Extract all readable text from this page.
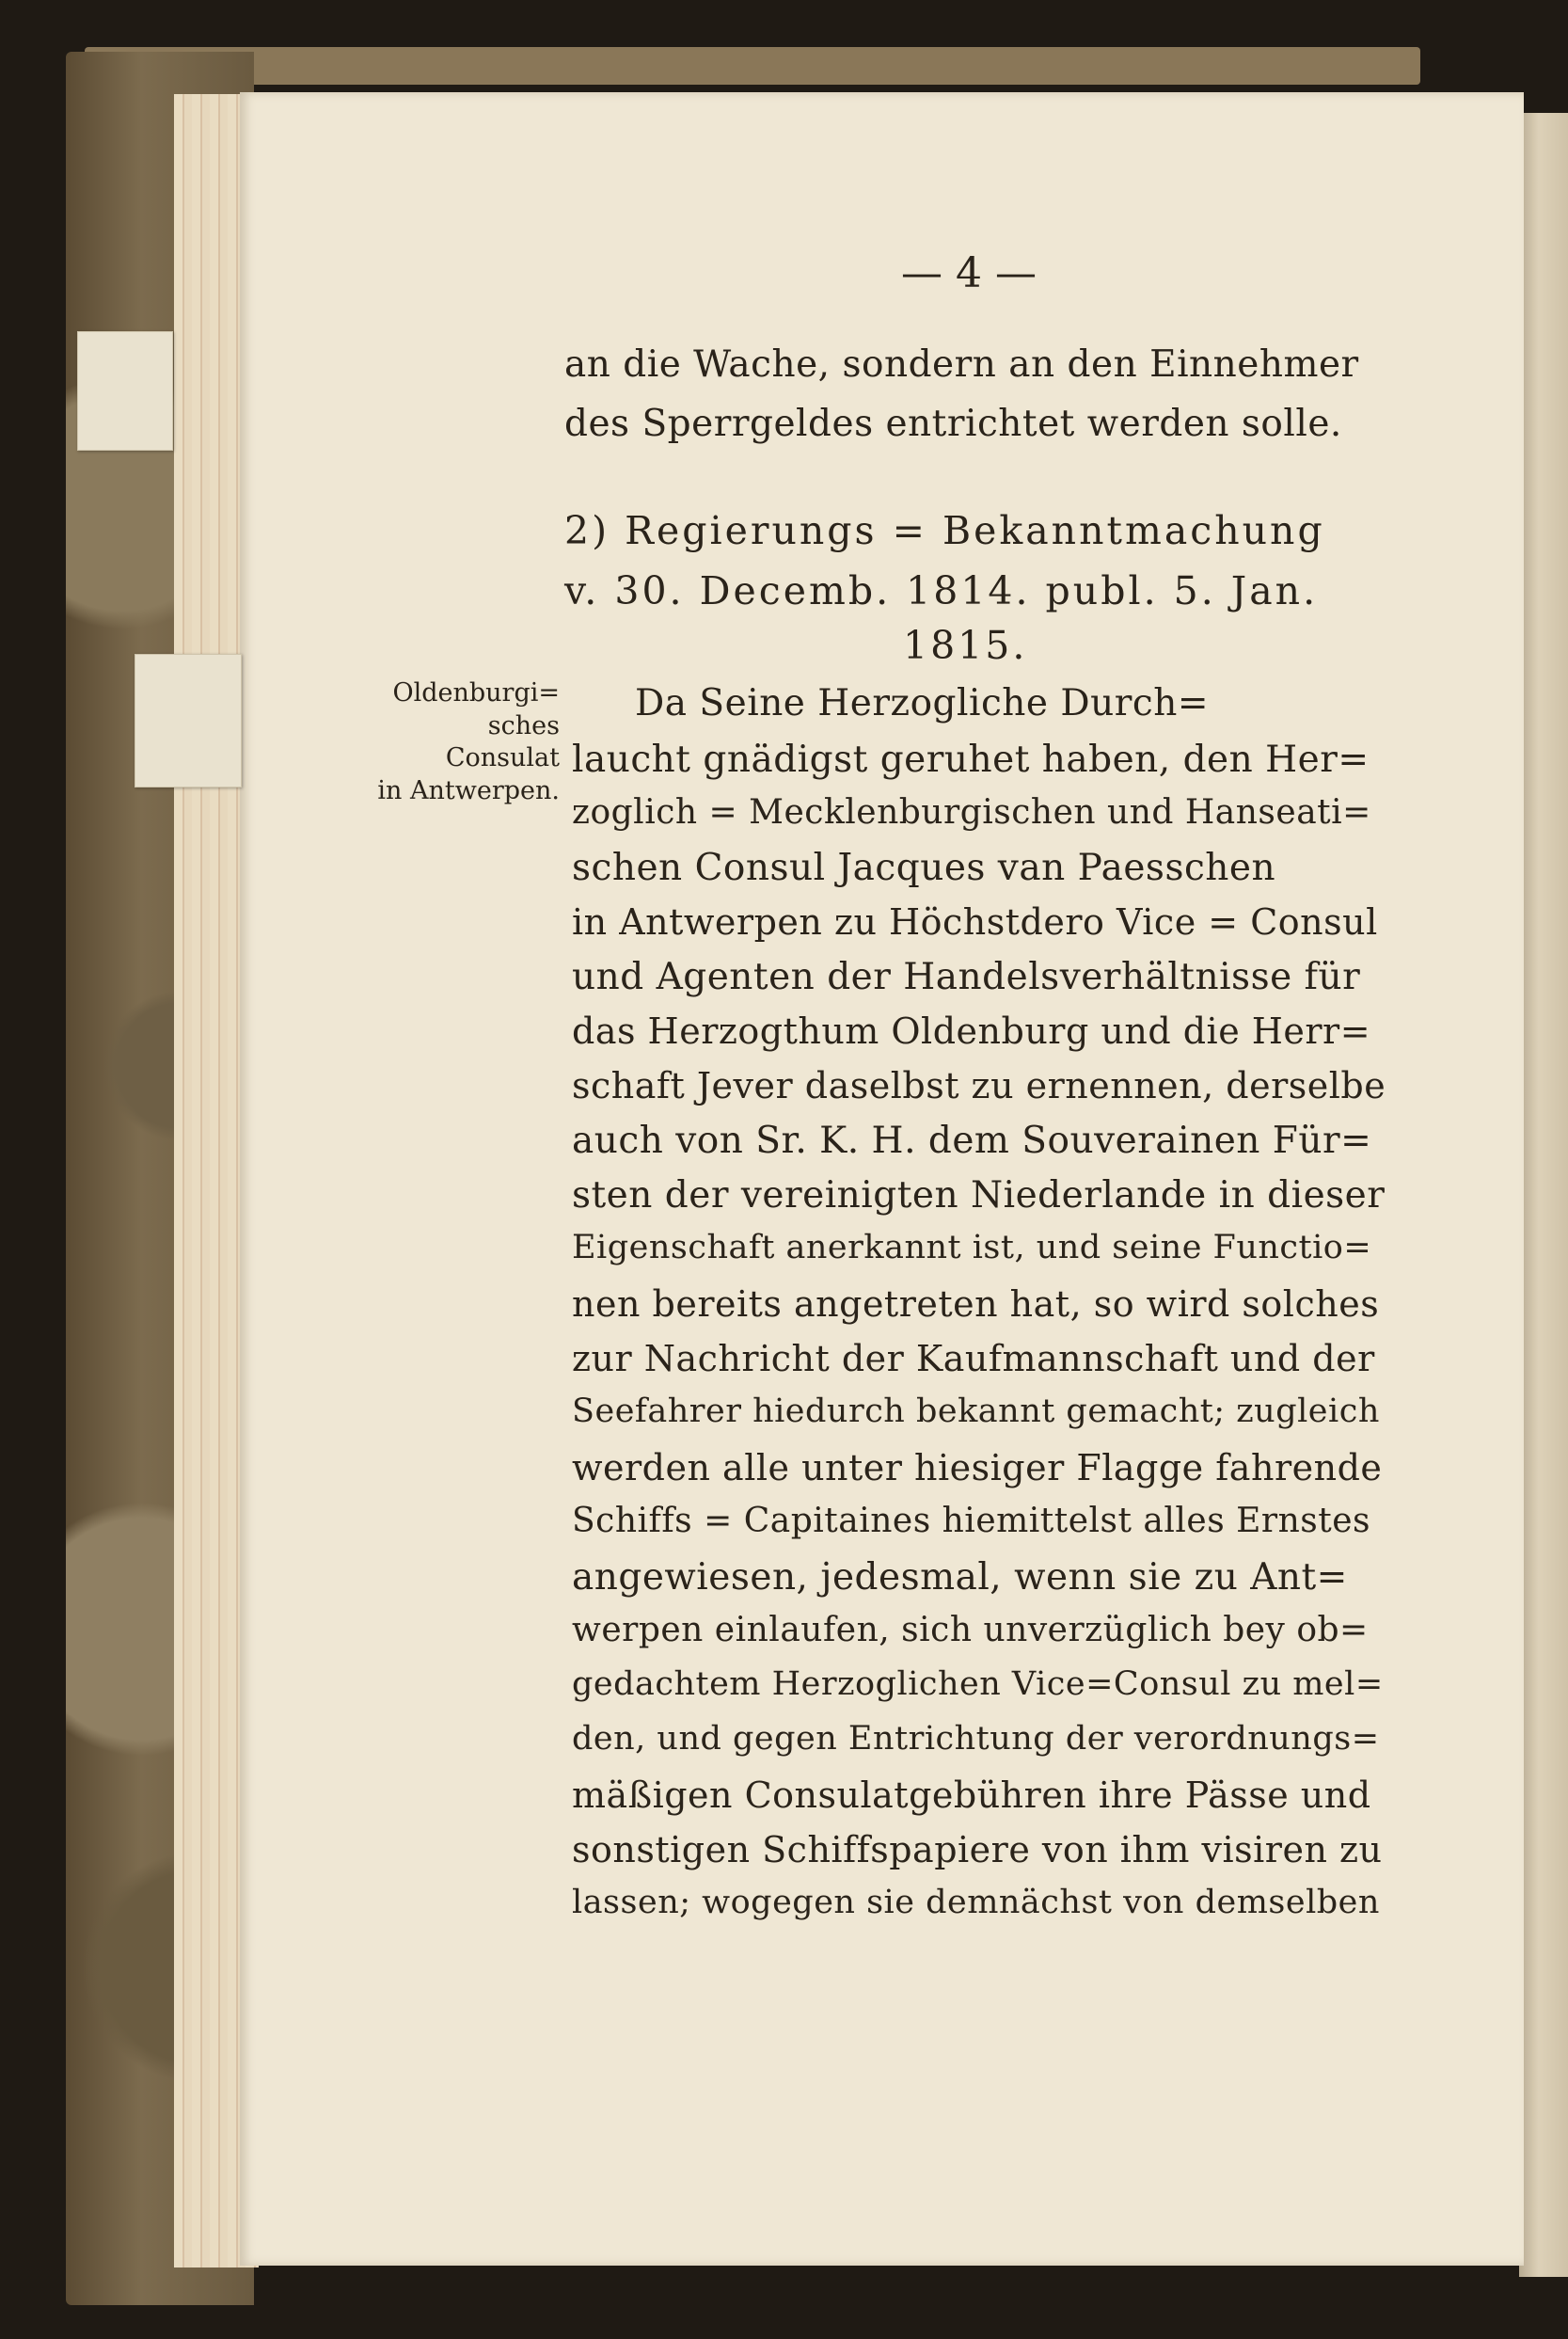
— 4 —
an die Wache, sondern an den Einnehmer
des Sperrgeldes entrichtet werden solle.
2) Regierungs = Bekanntmachung
v. 30. Decemb. 1814. publ. 5. Jan.
1815.
Oldenburgi=
sches Consulat
in Antwerpen.
Da Seine Herzogliche Durch=
laucht gnädigst geruhet haben, den Her=
zoglich = Mecklenburgischen und Hanseati=
schen Consul Jacques van Paesschen
in Antwerpen zu Höchstdero Vice = Consul
und Agenten der Handelsverhältnisse für
das Herzogthum Oldenburg und die Herr=
schaft Jever daselbst zu ernennen, derselbe
auch von Sr. K. H. dem Souverainen Für=
sten der vereinigten Niederlande in dieser
Eigenschaft anerkannt ist, und seine Functio=
nen bereits angetreten hat, so wird solches
zur Nachricht der Kaufmannschaft und der
Seefahrer hiedurch bekannt gemacht; zugleich
werden alle unter hiesiger Flagge fahrende
Schiffs = Capitaines hiemittelst alles Ernstes
angewiesen, jedesmal, wenn sie zu Ant=
werpen einlaufen, sich unverzüglich bey ob=
gedachtem Herzoglichen Vice=Consul zu mel=
den, und gegen Entrichtung der verordnungs=
mäßigen Consulatgebühren ihre Pässe und
sonstigen Schiffspapiere von ihm visiren zu
lassen; wogegen sie demnächst von demselben
